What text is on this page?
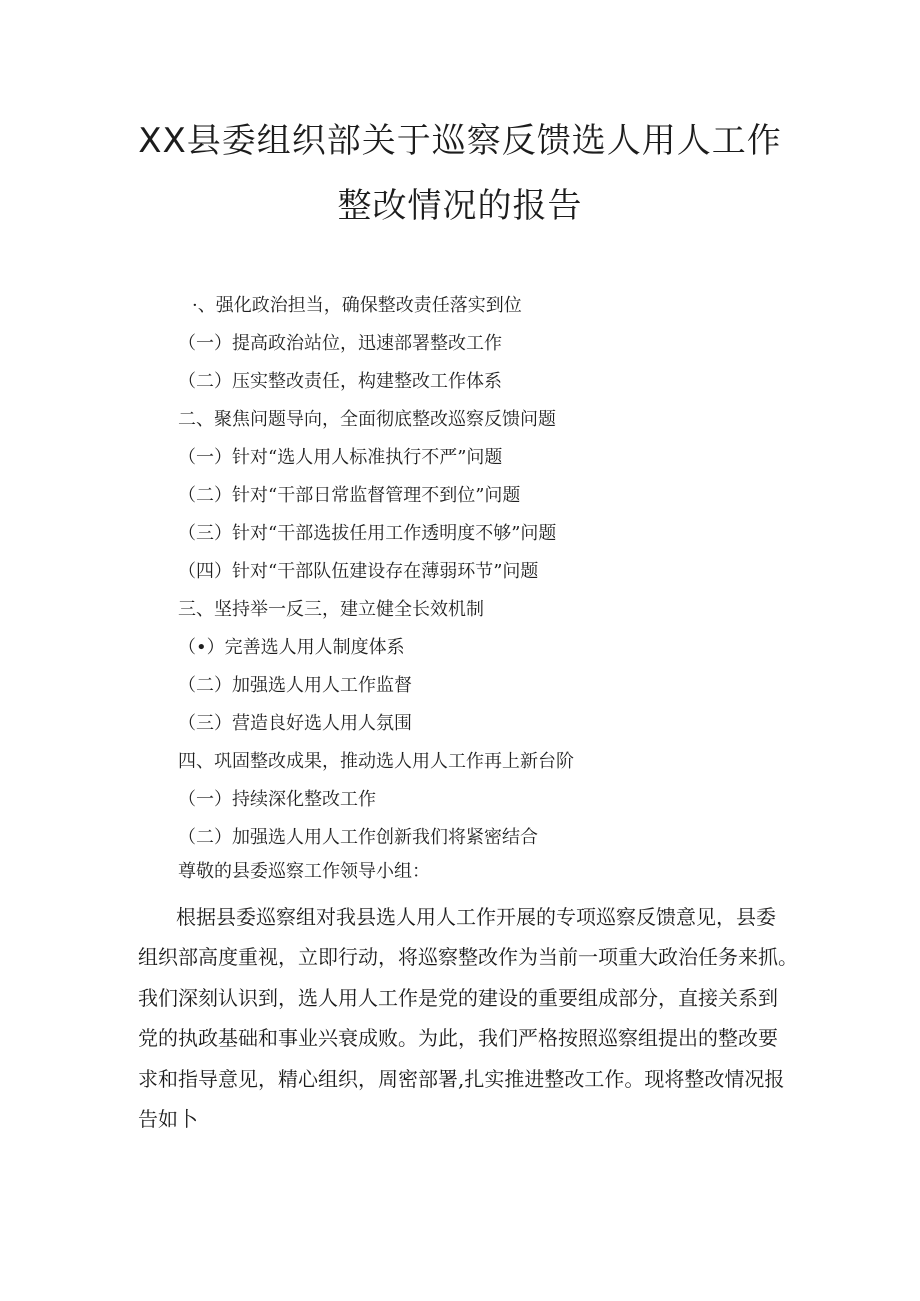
XX县委组织部关于巡察反馈选人用人工作
整改情况的报告
·、强化政治担当，确保整改责任落实到位
（一）提高政治站位，迅速部署整改工作
（二）压实整改责任，构建整改工作体系
二、聚焦问题导向，全面彻底整改巡察反馈问题
（一）针对“选人用人标准执行不严”问题
（二）针对“干部日常监督管理不到位”问题
（三）针对“干部选拔任用工作透明度不够”问题
（四）针对“干部队伍建设存在薄弱环节”问题
三、坚持举一反三，建立健全长效机制
（•）完善选人用人制度体系
（二）加强选人用人工作监督
（三）营造良好选人用人氛围
四、巩固整改成果，推动选人用人工作再上新台阶
（一）持续深化整改工作
（二）加强选人用人工作创新我们将紧密结合
尊敬的县委巡察工作领导小组：
根据县委巡察组对我县选人用人工作开展的专项巡察反馈意见，县委
组织部高度重视，立即行动，将巡察整改作为当前一项重大政治任务来抓。
我们深刻认识到，选人用人工作是党的建设的重要组成部分，直接关系到
党的执政基础和事业兴衰成败。为此，我们严格按照巡察组提出的整改要
求和指导意见，精心组织，周密部署,扎实推进整改工作。现将整改情况报
告如卜
